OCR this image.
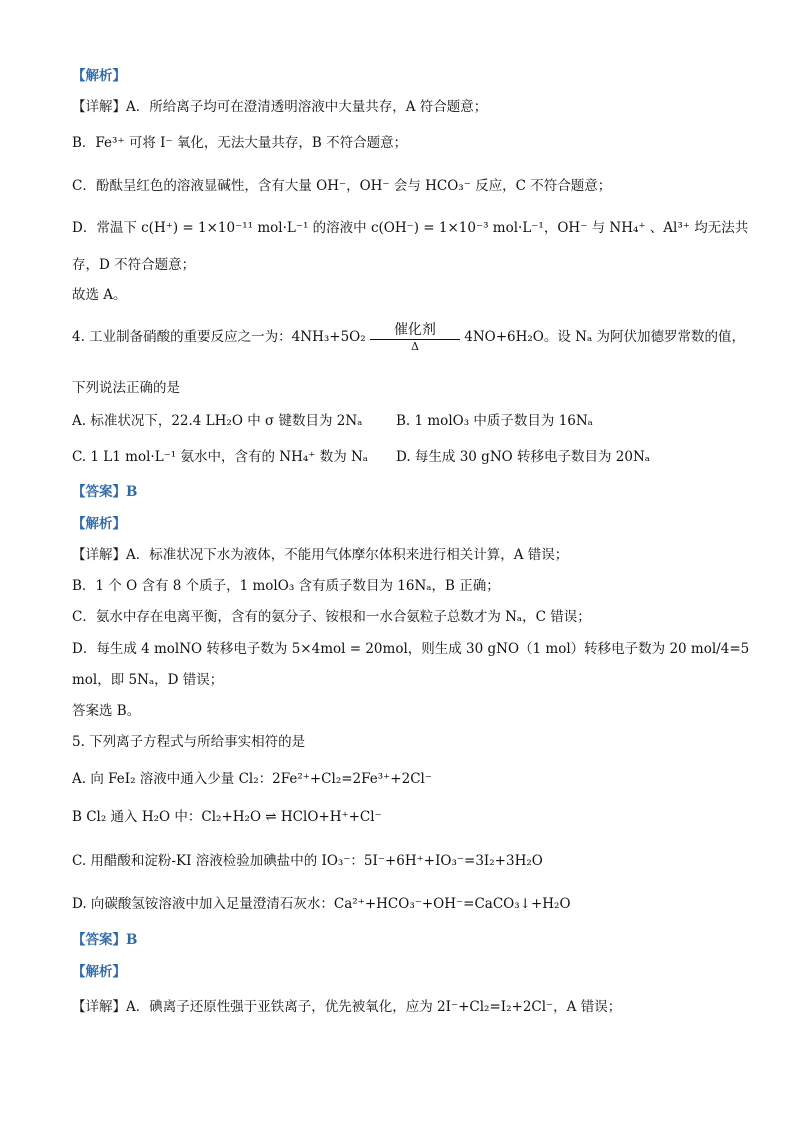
【解析】
【详解】A．所给离子均可在澄清透明溶液中大量共存，A 符合题意；
B．Fe³⁺ 可将 I⁻ 氧化，无法大量共存，B 不符合题意；
C．酚酞呈红色的溶液显碱性，含有大量 OH⁻，OH⁻ 会与 HCO₃⁻ 反应，C 不符合题意；
D．常温下 c(H⁺) = 1×10⁻¹¹ mol·L⁻¹ 的溶液中 c(OH⁻) = 1×10⁻³ mol·L⁻¹，OH⁻ 与 NH₄⁺ 、Al³⁺ 均无法共
存，D 不符合题意；
故选 A。
4. 工业制备硝酸的重要反应之一为：4NH₃+5O₂	催化剂
Δ
4NO+6H₂O。设 Nₐ 为阿伏加德罗常数的值，
下列说法正确的是
A. 标准状况下，22.4 LH₂O 中 σ 键数目为 2Nₐ B. 1 molO₃ 中质子数目为 16Nₐ
C. 1 L1 mol·L⁻¹ 氨水中，含有的 NH₄⁺ 数为 Nₐ D. 每生成 30 gNO 转移电子数目为 20Nₐ
【答案】B
【解析】
【详解】A．标准状况下水为液体，不能用气体摩尔体积来进行相关计算，A 错误；
B．1 个 O 含有 8 个质子，1 molO₃ 含有质子数目为 16Nₐ，B 正确；
C．氨水中存在电离平衡，含有的氨分子、铵根和一水合氨粒子总数才为 Nₐ，C 错误；
D．每生成 4 molNO 转移电子数为 5×4mol = 20mol，则生成 30 gNO（1 mol）转移电子数为 20 mol/4=5
mol，即 5Nₐ，D 错误；
答案选 B。
5. 下列离子方程式与所给事实相符的是
A. 向 FeI₂ 溶液中通入少量 Cl₂：2Fe²⁺+Cl₂=2Fe³⁺+2Cl⁻
B Cl₂ 通入 H₂O 中：Cl₂+H₂O ⇌ HClO+H⁺+Cl⁻
C. 用醋酸和淀粉-KI 溶液检验加碘盐中的 IO₃⁻：5I⁻+6H⁺+IO₃⁻=3I₂+3H₂O
D. 向碳酸氢铵溶液中加入足量澄清石灰水：Ca²⁺+HCO₃⁻+OH⁻=CaCO₃↓+H₂O
【答案】B
【解析】
【详解】A．碘离子还原性强于亚铁离子，优先被氧化，应为 2I⁻+Cl₂=I₂+2Cl⁻，A 错误；
